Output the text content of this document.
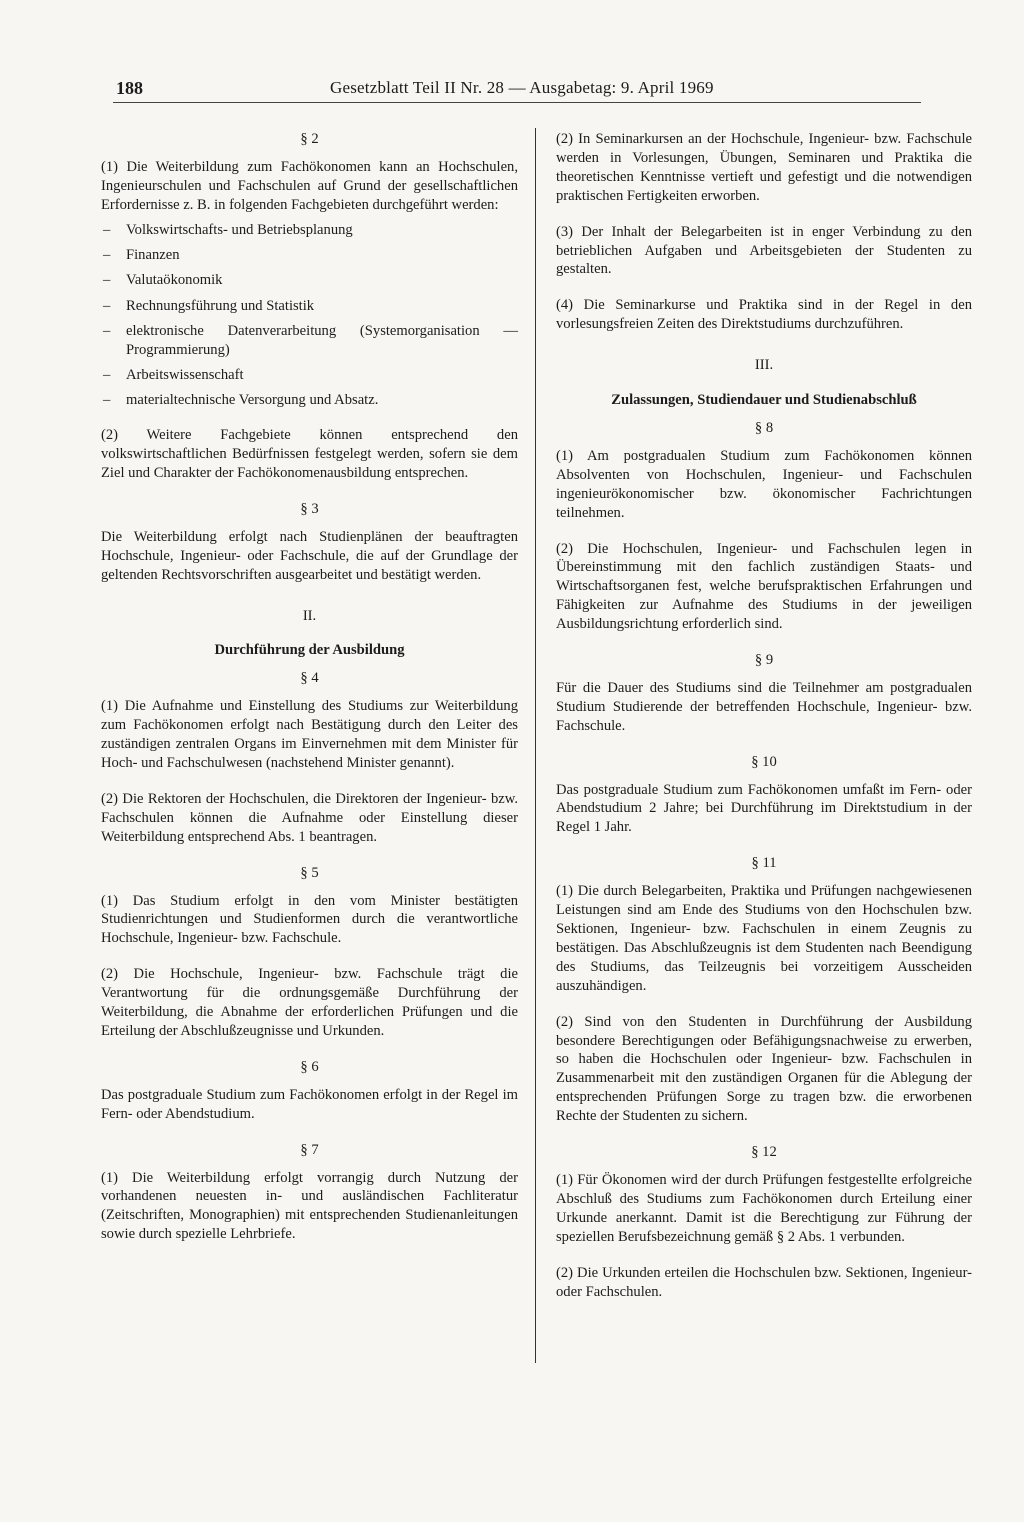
188	Gesetzblatt Teil II Nr. 28 — Ausgabetag: 9. April 1969
§ 2
(1) Die Weiterbildung zum Fachökonomen kann an Hochschulen, Ingenieurschulen und Fachschulen auf Grund der gesellschaftlichen Erfordernisse z. B. in folgenden Fachgebieten durchgeführt werden:
– Volkswirtschafts- und Betriebsplanung
– Finanzen
– Valutaökonomik
– Rechnungsführung und Statistik
– elektronische Datenverarbeitung (Systemorganisation — Programmierung)
– Arbeitswissenschaft
– materialtechnische Versorgung und Absatz.
(2) Weitere Fachgebiete können entsprechend den volkswirtschaftlichen Bedürfnissen festgelegt werden, sofern sie dem Ziel und Charakter der Fachökonomenausbildung entsprechen.
§ 3
Die Weiterbildung erfolgt nach Studienplänen der beauftragten Hochschule, Ingenieur- oder Fachschule, die auf der Grundlage der geltenden Rechtsvorschriften ausgearbeitet und bestätigt werden.
II.
Durchführung der Ausbildung
§ 4
(1) Die Aufnahme und Einstellung des Studiums zur Weiterbildung zum Fachökonomen erfolgt nach Bestätigung durch den Leiter des zuständigen zentralen Organs im Einvernehmen mit dem Minister für Hoch- und Fachschulwesen (nachstehend Minister genannt).
(2) Die Rektoren der Hochschulen, die Direktoren der Ingenieur- bzw. Fachschulen können die Aufnahme oder Einstellung dieser Weiterbildung entsprechend Abs. 1 beantragen.
§ 5
(1) Das Studium erfolgt in den vom Minister bestätigten Studienrichtungen und Studienformen durch die verantwortliche Hochschule, Ingenieur- bzw. Fachschule.
(2) Die Hochschule, Ingenieur- bzw. Fachschule trägt die Verantwortung für die ordnungsgemäße Durchführung der Weiterbildung, die Abnahme der erforderlichen Prüfungen und die Erteilung der Abschlußzeugnisse und Urkunden.
§ 6
Das postgraduale Studium zum Fachökonomen erfolgt in der Regel im Fern- oder Abendstudium.
§ 7
(1) Die Weiterbildung erfolgt vorrangig durch Nutzung der vorhandenen neuesten in- und ausländischen Fachliteratur (Zeitschriften, Monographien) mit entsprechenden Studienanleitungen sowie durch spezielle Lehrbriefe.
(2) In Seminarkursen an der Hochschule, Ingenieur- bzw. Fachschule werden in Vorlesungen, Übungen, Seminaren und Praktika die theoretischen Kenntnisse vertieft und gefestigt und die notwendigen praktischen Fertigkeiten erworben.
(3) Der Inhalt der Belegarbeiten ist in enger Verbindung zu den betrieblichen Aufgaben und Arbeitsgebieten der Studenten zu gestalten.
(4) Die Seminarkurse und Praktika sind in der Regel in den vorlesungsfreien Zeiten des Direktstudiums durchzuführen.
III.
Zulassungen, Studiendauer und Studienabschluß
§ 8
(1) Am postgradualen Studium zum Fachökonomen können Absolventen von Hochschulen, Ingenieur- und Fachschulen ingenieurökonomischer bzw. ökonomischer Fachrichtungen teilnehmen.
(2) Die Hochschulen, Ingenieur- und Fachschulen legen in Übereinstimmung mit den fachlich zuständigen Staats- und Wirtschaftsorganen fest, welche berufspraktischen Erfahrungen und Fähigkeiten zur Aufnahme des Studiums in der jeweiligen Ausbildungsrichtung erforderlich sind.
§ 9
Für die Dauer des Studiums sind die Teilnehmer am postgradualen Studium Studierende der betreffenden Hochschule, Ingenieur- bzw. Fachschule.
§ 10
Das postgraduale Studium zum Fachökonomen umfaßt im Fern- oder Abendstudium 2 Jahre; bei Durchführung im Direktstudium in der Regel 1 Jahr.
§ 11
(1) Die durch Belegarbeiten, Praktika und Prüfungen nachgewiesenen Leistungen sind am Ende des Studiums von den Hochschulen bzw. Sektionen, Ingenieur- bzw. Fachschulen in einem Zeugnis zu bestätigen. Das Abschlußzeugnis ist dem Studenten nach Beendigung des Studiums, das Teilzeugnis bei vorzeitigem Ausscheiden auszuhändigen.
(2) Sind von den Studenten in Durchführung der Ausbildung besondere Berechtigungen oder Befähigungsnachweise zu erwerben, so haben die Hochschulen oder Ingenieur- bzw. Fachschulen in Zusammenarbeit mit den zuständigen Organen für die Ablegung der entsprechenden Prüfungen Sorge zu tragen bzw. die erworbenen Rechte der Studenten zu sichern.
§ 12
(1) Für Ökonomen wird der durch Prüfungen festgestellte erfolgreiche Abschluß des Studiums zum Fachökonomen durch Erteilung einer Urkunde anerkannt. Damit ist die Berechtigung zur Führung der speziellen Berufsbezeichnung gemäß § 2 Abs. 1 verbunden.
(2) Die Urkunden erteilen die Hochschulen bzw. Sektionen, Ingenieur- oder Fachschulen.
